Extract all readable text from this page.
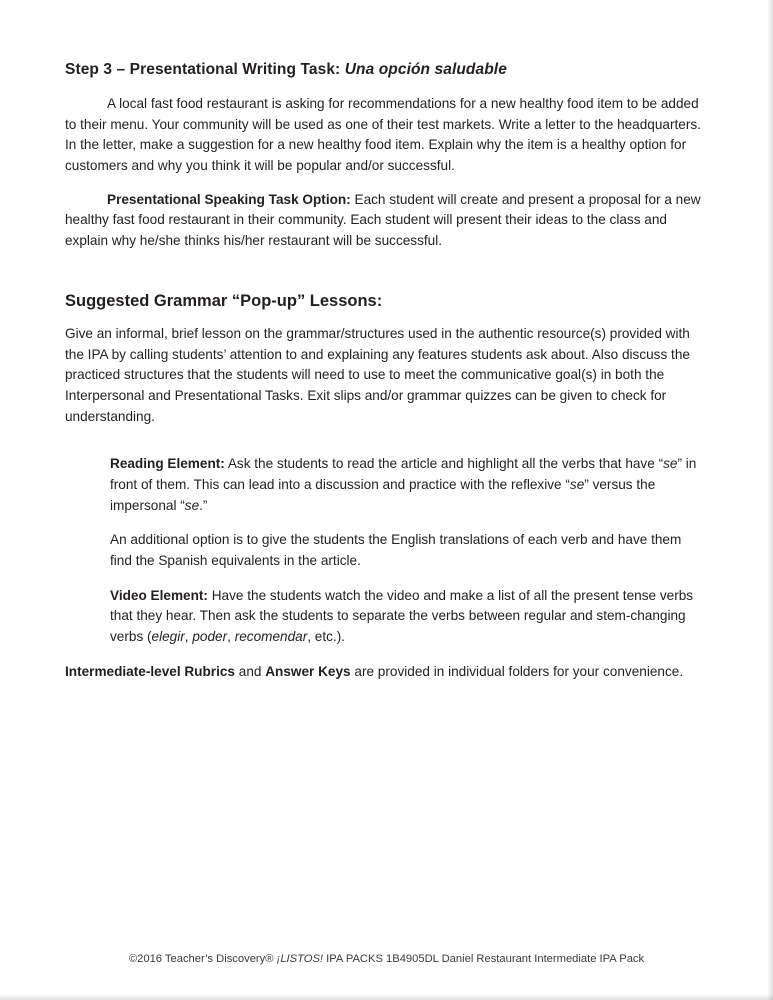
Step 3 – Presentational Writing Task: Una opción saludable

A local fast food restaurant is asking for recommendations for a new healthy food item to be added to their menu. Your community will be used as one of their test markets. Write a letter to the headquarters. In the letter, make a suggestion for a new healthy food item. Explain why the item is a healthy option for customers and why you think it will be popular and/or successful.

Presentational Speaking Task Option: Each student will create and present a proposal for a new healthy fast food restaurant in their community. Each student will present their ideas to the class and explain why he/she thinks his/her restaurant will be successful.

Suggested Grammar “Pop-up” Lessons:

Give an informal, brief lesson on the grammar/structures used in the authentic resource(s) provided with the IPA by calling students’ attention to and explaining any features students ask about. Also discuss the practiced structures that the students will need to use to meet the communicative goal(s) in both the Interpersonal and Presentational Tasks. Exit slips and/or grammar quizzes can be given to check for understanding.

Reading Element: Ask the students to read the article and highlight all the verbs that have “se” in front of them. This can lead into a discussion and practice with the reflexive “se” versus the impersonal “se.”

An additional option is to give the students the English translations of each verb and have them find the Spanish equivalents in the article.

Video Element: Have the students watch the video and make a list of all the present tense verbs that they hear. Then ask the students to separate the verbs between regular and stem-changing verbs (elegir, poder, recomendar, etc.).

Intermediate-level Rubrics and Answer Keys are provided in individual folders for your convenience.

©2016 Teacher’s Discovery® ¡LISTOS! IPA PACKS 1B4905DL Daniel Restaurant Intermediate IPA Pack
